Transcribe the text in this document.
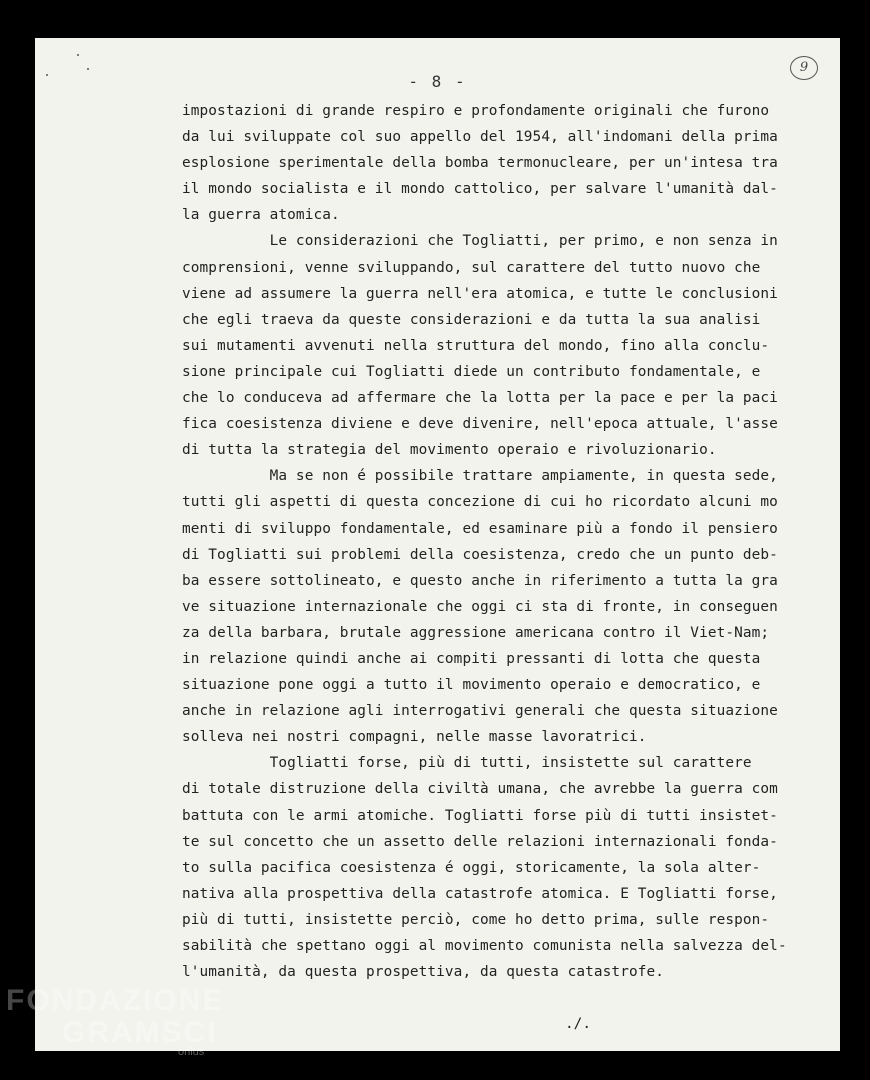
- 8 -
9
impostazioni di grande respiro e profondamente originali che furono
da lui sviluppate col suo appello del 1954, all'indomani della prima
esplosione sperimentale della bomba termonucleare, per un'intesa tra
il mondo socialista e il mondo cattolico, per salvare l'umanità dal-
la guerra atomica.
Le considerazioni che Togliatti, per primo, e non senza in
comprensioni, venne sviluppando, sul carattere del tutto nuovo che
viene ad assumere la guerra nell'era atomica, e tutte le conclusioni
che egli traeva da queste considerazioni e da tutta la sua analisi
sui mutamenti avvenuti nella struttura del mondo, fino alla conclu-
sione principale cui Togliatti diede un contributo fondamentale, e
che lo conduceva ad affermare che la lotta per la pace e per la paci
fica coesistenza diviene e deve divenire, nell'epoca attuale, l'asse
di tutta la strategia del movimento operaio e rivoluzionario.
Ma se non é possibile trattare ampiamente, in questa sede,
tutti gli aspetti di questa concezione di cui ho ricordato alcuni mo
menti di sviluppo fondamentale, ed esaminare più a fondo il pensiero
di Togliatti sui problemi della coesistenza, credo che un punto deb-
ba essere sottolineato, e questo anche in riferimento a tutta la gra
ve situazione internazionale che oggi ci sta di fronte, in conseguen
za della barbara, brutale aggressione americana contro il Viet-Nam;
in relazione quindi anche ai compiti pressanti di lotta che questa
situazione pone oggi a tutto il movimento operaio e democratico, e
anche in relazione agli interrogativi generali che questa situazione
solleva nei nostri compagni, nelle masse lavoratrici.
Togliatti forse, più di tutti, insistette sul carattere
di totale distruzione della civiltà umana, che avrebbe la guerra com
battuta con le armi atomiche. Togliatti forse più di tutti insistet-
te sul concetto che un assetto delle relazioni internazionali fonda-
to sulla pacifica coesistenza é oggi, storicamente, la sola alter-
nativa alla prospettiva della catastrofe atomica. E Togliatti forse,
più di tutti, insistette perciò, come ho detto prima, sulle respon-
sabilità che spettano oggi al movimento comunista nella salvezza del-
l'umanità, da questa prospettiva, da questa catastrofe.
./.
FONDAZIONE
GRAMSCI
onlus
